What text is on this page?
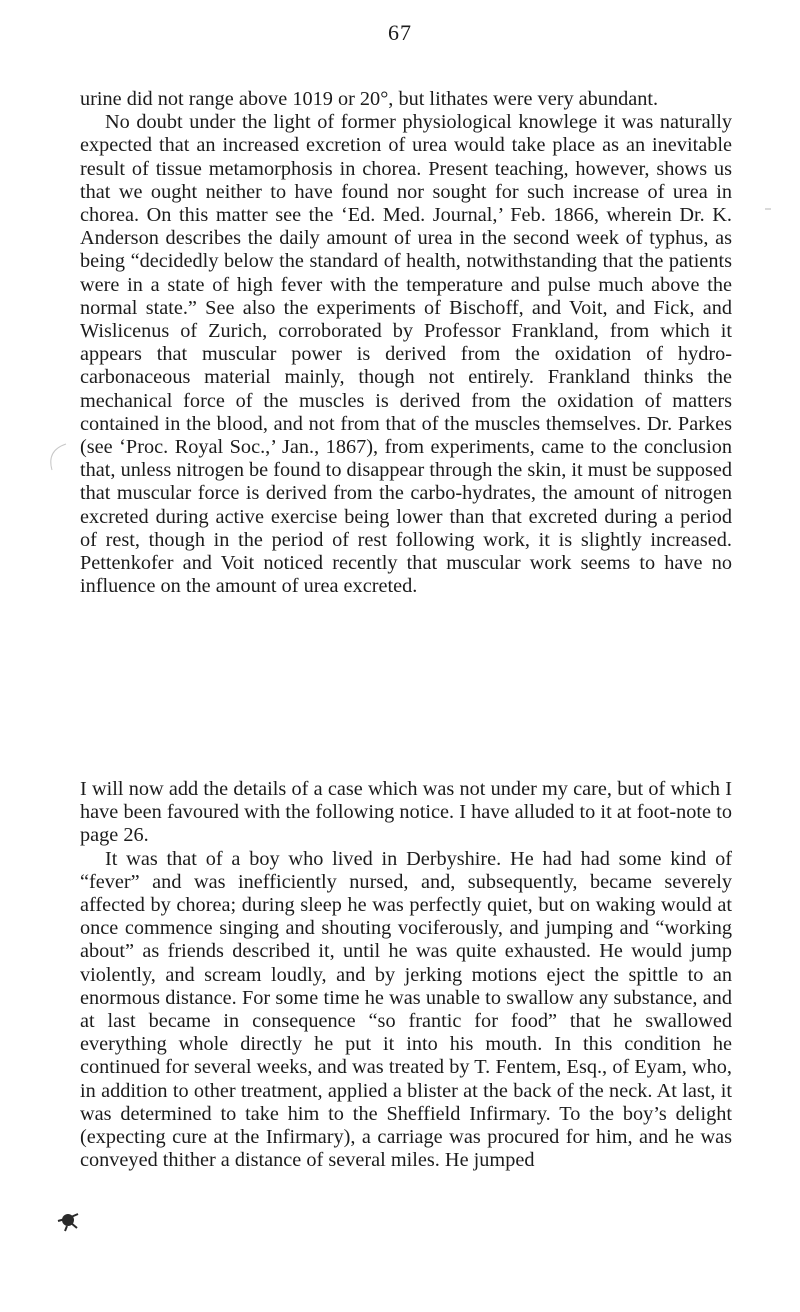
67

urine did not range above 1019 or 20°, but lithates were very abundant.

No doubt under the light of former physiological knowlege it was naturally expected that an increased excretion of urea would take place as an inevitable result of tissue metamorphosis in chorea. Present teaching, however, shows us that we ought neither to have found nor sought for such increase of urea in chorea. On this matter see the ‘Ed. Med. Journal,’ Feb. 1866, wherein Dr. K. Anderson describes the daily amount of urea in the second week of typhus, as being “decidedly below the standard of health, notwithstanding that the patients were in a state of high fever with the temperature and pulse much above the normal state.” See also the experiments of Bischoff, and Voit, and Fick, and Wislicenus of Zurich, corroborated by Professor Frankland, from which it appears that muscular power is derived from the oxidation of hydro-carbonaceous material mainly, though not entirely. Frankland thinks the mechanical force of the muscles is derived from the oxidation of matters contained in the blood, and not from that of the muscles themselves. Dr. Parkes (see ‘Proc. Royal Soc.,’ Jan., 1867), from experiments, came to the conclusion that, unless nitrogen be found to disappear through the skin, it must be supposed that muscular force is derived from the carbo-hydrates, the amount of nitrogen excreted during active exercise being lower than that excreted during a period of rest, though in the period of rest following work, it is slightly increased. Pettenkofer and Voit noticed recently that muscular work seems to have no influence on the amount of urea excreted.

I will now add the details of a case which was not under my care, but of which I have been favoured with the following notice. I have alluded to it at foot-note to page 26.

It was that of a boy who lived in Derbyshire. He had had some kind of “fever” and was inefficiently nursed, and, subsequently, became severely affected by chorea; during sleep he was perfectly quiet, but on waking would at once commence singing and shouting vociferously, and jumping and “working about” as friends described it, until he was quite exhausted. He would jump violently, and scream loudly, and by jerking motions eject the spittle to an enormous distance. For some time he was unable to swallow any substance, and at last became in consequence “so frantic for food” that he swallowed everything whole directly he put it into his mouth. In this condition he continued for several weeks, and was treated by T. Fentem, Esq., of Eyam, who, in addition to other treatment, applied a blister at the back of the neck. At last, it was determined to take him to the Sheffield Infirmary. To the boy’s delight (expecting cure at the Infirmary), a carriage was procured for him, and he was conveyed thither a distance of several miles. He jumped
